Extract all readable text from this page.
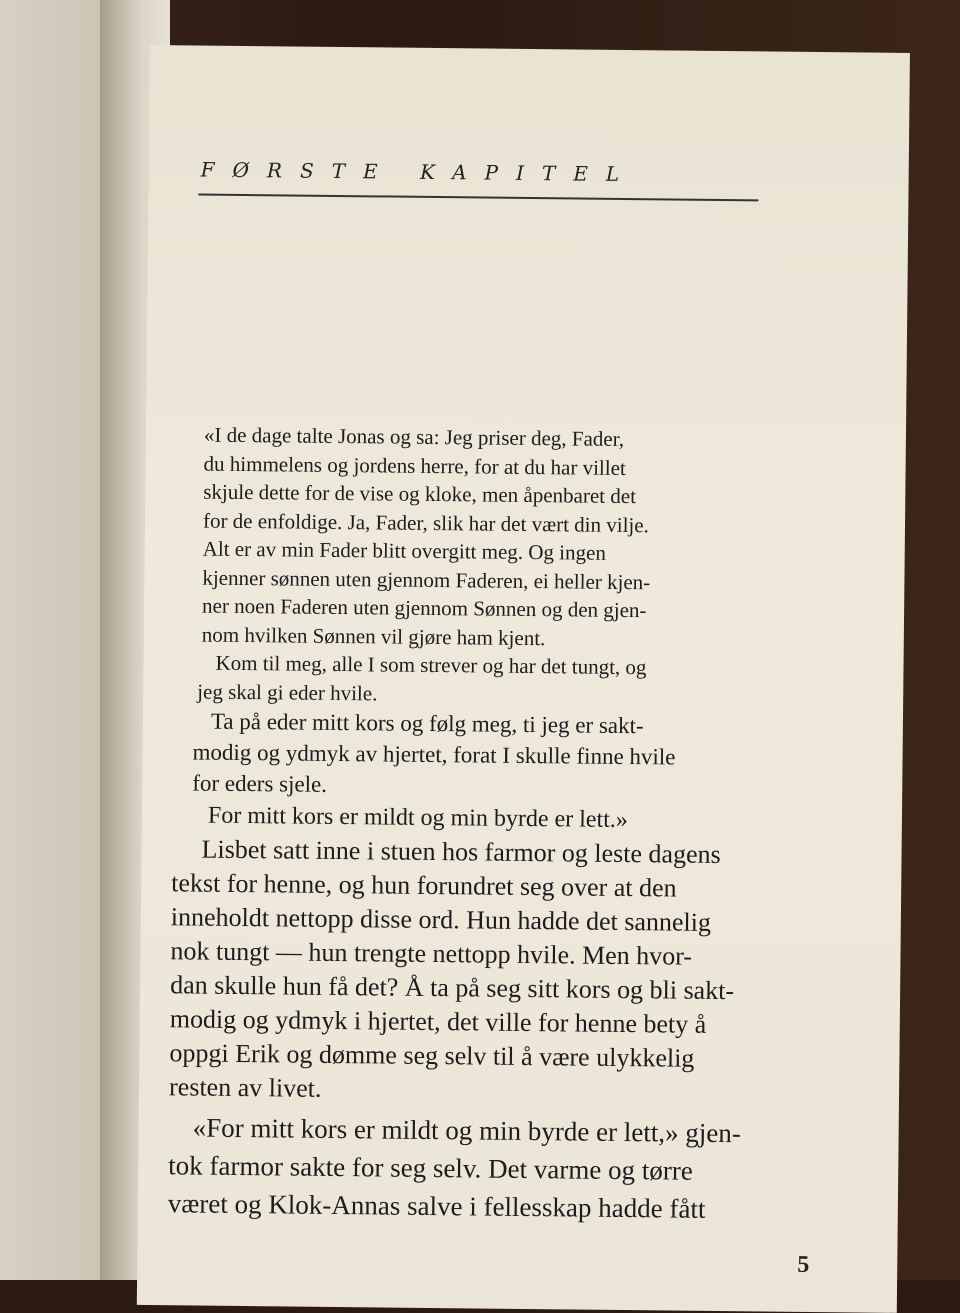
FØRSTE KAPITEL
«I de dage talte Jonas og sa: Jeg priser deg, Fader,
du himmelens og jordens herre, for at du har villet
skjule dette for de vise og kloke, men åpenbaret det
for de enfoldige. Ja, Fader, slik har det vært din vilje.
Alt er av min Fader blitt overgitt meg. Og ingen
kjenner sønnen uten gjennom Faderen, ei heller kjen-
ner noen Faderen uten gjennom Sønnen og den gjen-
nom hvilken Sønnen vil gjøre ham kjent.
Kom til meg, alle I som strever og har det tungt, og
jeg skal gi eder hvile.
Ta på eder mitt kors og følg meg, ti jeg er sakt-
modig og ydmyk av hjertet, forat I skulle finne hvile
for eders sjele.
For mitt kors er mildt og min byrde er lett.»
Lisbet satt inne i stuen hos farmor og leste dagens
tekst for henne, og hun forundret seg over at den
inneholdt nettopp disse ord. Hun hadde det sannelig
nok tungt — hun trengte nettopp hvile. Men hvor-
dan skulle hun få det? Å ta på seg sitt kors og bli sakt-
modig og ydmyk i hjertet, det ville for henne bety å
oppgi Erik og dømme seg selv til å være ulykkelig
resten av livet.
«For mitt kors er mildt og min byrde er lett,» gjen-
tok farmor sakte for seg selv. Det varme og tørre
været og Klok-Annas salve i fellesskap hadde fått
5
